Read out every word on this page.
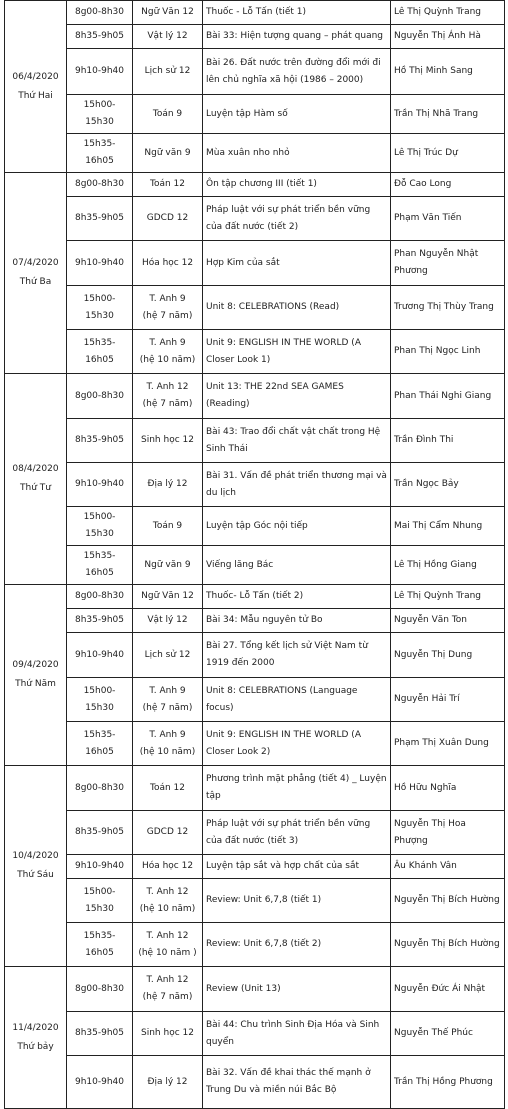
06/4/2020
Thứ Hai	8g00-8h30	Ngữ Văn 12	Thuốc - Lỗ Tấn (tiết 1)	Lê Thị Quỳnh Trang
	8h35-9h05	Vật lý 12	Bài 33: Hiện tượng quang – phát quang	Nguyễn Thị Ánh Hà
	9h10-9h40	Lịch sử 12	Bài 26. Đất nước trên đường đổi mới đi lên chủ nghĩa xã hội (1986 – 2000)	Hồ Thị Minh Sang
	15h00-15h30	Toán 9	Luyện tập Hàm số	Trần Thị Nhã Trang
	15h35-16h05	Ngữ văn 9	Mùa xuân nho nhỏ	Lê Thị Trúc Dự

07/4/2020
Thứ Ba	8g00-8h30	Toán 12	Ôn tập chương III (tiết 1)	Đỗ Cao Long
	8h35-9h05	GDCD 12	Pháp luật với sự phát triển bền vững của đất nước (tiết 2)	Phạm Văn Tiến
	9h10-9h40	Hóa học 12	Hợp Kim của sắt	Phan Nguyễn Nhật Phương
	15h00-15h30	T. Anh 9
(hệ 7 năm)	Unit 8: CELEBRATIONS (Read)	Trương Thị Thùy Trang
	15h35-16h05	T. Anh 9
(hệ 10 năm)	Unit 9: ENGLISH IN THE WORLD (A Closer Look 1)	Phan Thị Ngọc Linh

08/4/2020
Thứ Tư	8g00-8h30	T. Anh 12
(hệ 7 năm)	Unit 13: THE 22nd SEA GAMES (Reading)	Phan Thái Nghi Giang
	8h35-9h05	Sinh học 12	Bài 43: Trao đổi chất vật chất trong Hệ Sinh Thái	Trần Đình Thi
	9h10-9h40	Địa lý 12	Bài 31. Vấn đề phát triển thương mại và du lịch	Trần Ngọc Bảy
	15h00-15h30	Toán 9	Luyện tập Góc nội tiếp	Mai Thị Cẩm Nhung
	15h35-16h05	Ngữ văn 9	Viếng lăng Bác	Lê Thị Hồng Giang

09/4/2020
Thứ Năm	8g00-8h30	Ngữ Văn 12	Thuốc- Lỗ Tấn (tiết 2)	Lê Thị Quỳnh Trang
	8h35-9h05	Vật lý 12	Bài 34: Mẫu nguyên tử Bo	Nguyễn Văn Ton
	9h10-9h40	Lịch sử 12	Bài 27. Tổng kết lịch sử Việt Nam từ 1919 đến 2000	Nguyễn Thị Dung
	15h00-15h30	T. Anh 9
(hệ 7 năm)	Unit 8: CELEBRATIONS (Language focus)	Nguyễn Hải Trí
	15h35-16h05	T. Anh 9
(hệ 10 năm)	Unit 9: ENGLISH IN THE WORLD (A Closer Look 2)	Phạm Thị Xuân Dung

10/4/2020
Thứ Sáu	8g00-8h30	Toán 12	Phương trình mặt phẳng (tiết 4) _ Luyện tập	Hồ Hữu Nghĩa
	8h35-9h05	GDCD 12	Pháp luật với sự phát triển bền vững của đất nước (tiết 3)	Nguyễn Thị Hoa Phượng
	9h10-9h40	Hóa học 12	Luyện tập sắt và hợp chất của sắt	Âu Khánh Vân
	15h00-15h30	T. Anh 12
(hệ 10 năm)	Review: Unit 6,7,8 (tiết 1)	Nguyễn Thị Bích Hường
	15h35-16h05	T. Anh 12
(hệ 10 năm )	Review: Unit 6,7,8 (tiết 2)	Nguyễn Thị Bích Hường

11/4/2020
Thứ bảy	8g00-8h30	T. Anh 12
(hệ 7 năm)	Review (Unit 13)	Nguyễn Đức Ái Nhật
	8h35-9h05	Sinh học 12	Bài 44: Chu trình Sinh Địa Hóa và Sinh quyển	Nguyễn Thế Phúc
	9h10-9h40	Địa lý 12	Bài 32. Vấn đề khai thác thế mạnh ở Trung Du và miền núi Bắc Bộ	Trần Thị Hồng Phương
